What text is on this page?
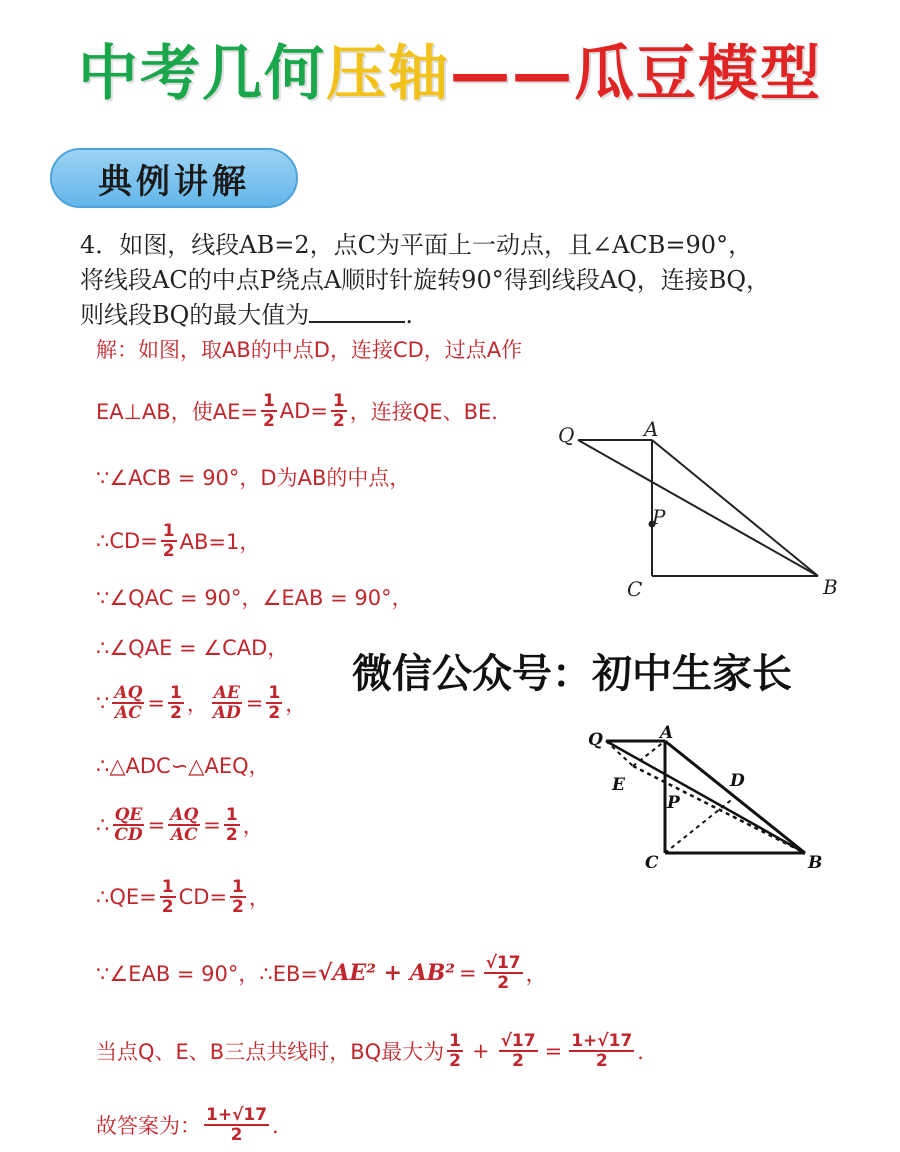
中考几何压轴——瓜豆模型
典例讲解
4．如图，线段AB=2，点C为平面上一动点，且∠ACB=90°，
将线段AC的中点P绕点A顺时针旋转90°得到线段AQ，连接BQ，
则线段BQ的最大值为	.
解：如图，取AB的中点D，连接CD，过点A作
EA⊥AB，使$AE= \frac{1}{2} AD= \frac{1}{2}$ ，连接QE、BE．
∵∠ACB = 90°，D为AB的中点，
∴CD= $\frac{1}{2} AB=1$，
∵∠QAC = 90°，∠EAB = 90°，
∴∠QAE = ∠CAD，
∵ $\frac{AQ}{AC} = \frac{1}{2}$ ， $\frac{AE}{AD} = \frac{1}{2}$ ，
∴△ADC∽△AEQ，
∴ $\frac{QE}{CD} = \frac{AQ}{AC} = \frac{1}{2}$ ，
∴QE= $\frac{1}{2} CD= \frac{1}{2}$ ，
∵∠EAB = 90°，∴EB= $√AE^2 + AB^2 = \frac{√17}{2}$ ，
当点Q、E、B三点共线时，BQ最大为 $\frac{1}{2} + \frac{√17}{2} = \frac{1+√17}{2}$ ．
故答案为： $\frac{1+√17}{2}$ ．
微信公众号：初中生家长
Q	A
P
C	B
Q	A
E	D
P
C	B
